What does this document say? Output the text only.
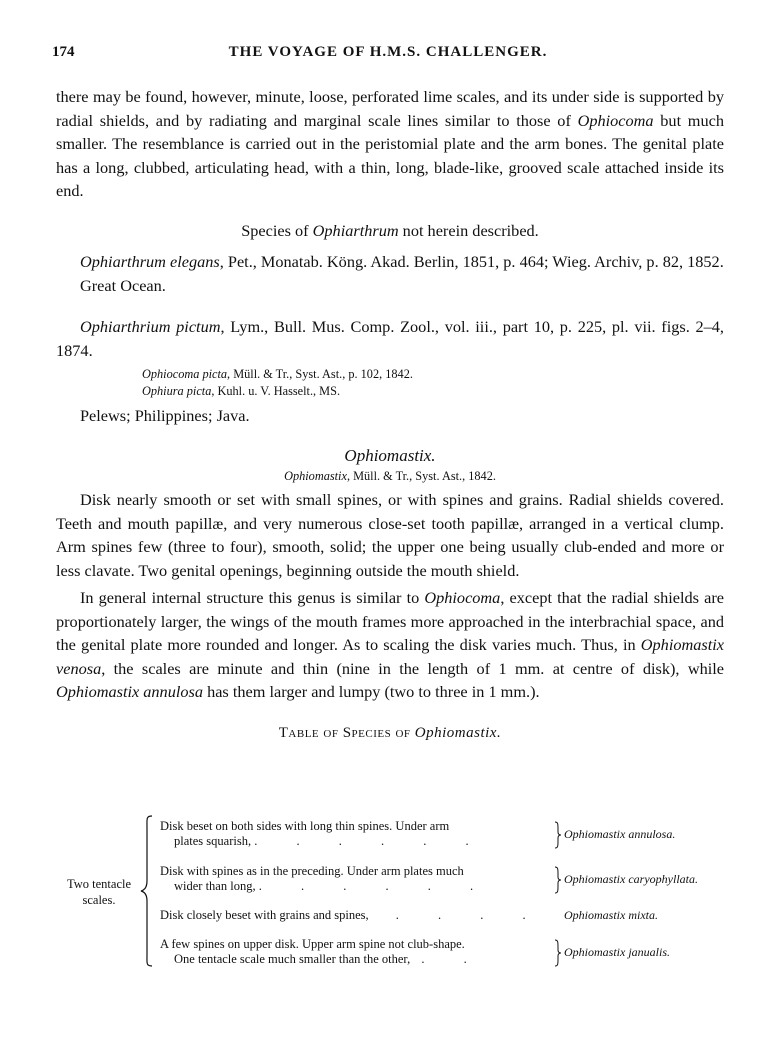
174	THE VOYAGE OF H.M.S. CHALLENGER.

there may be found, however, minute, loose, perforated lime scales, and its under side is supported by radial shields, and by radiating and marginal scale lines similar to those of Ophiocoma but much smaller. The resemblance is carried out in the peristomial plate and the arm bones. The genital plate has a long, clubbed, articulating head, with a thin, long, blade-like, grooved scale attached inside its end.

Species of Ophiarthrum not herein described.

Ophiarthrum elegans, Pet., Monatab. Köng. Akad. Berlin, 1851, p. 464; Wieg. Archiv, p. 82, 1852.

Great Ocean.

Ophiarthrium pictum, Lym., Bull. Mus. Comp. Zool., vol. iii., part 10, p. 225, pl. vii. figs. 2–4, 1874.

Ophiocoma picta, Müll. & Tr., Syst. Ast., p. 102, 1842.
Ophiura picta, Kuhl. u. V. Hasselt., MS.

Pelews; Philippines; Java.

Ophiomastix.

Ophiomastix, Müll. & Tr., Syst. Ast., 1842.

Disk nearly smooth or set with small spines, or with spines and grains. Radial shields covered. Teeth and mouth papillæ, and very numerous close-set tooth papillæ, arranged in a vertical clump. Arm spines few (three to four), smooth, solid; the upper one being usually club-ended and more or less clavate. Two genital openings, beginning outside the mouth shield.

In general internal structure this genus is similar to Ophiocoma, except that the radial shields are proportionately larger, the wings of the mouth frames more approached in the interbrachial space, and the genital plate more rounded and longer. As to scaling the disk varies much. Thus, in Ophiomastix venosa, the scales are minute and thin (nine in the length of 1 mm. at centre of disk), while Ophiomastix annulosa has them larger and lumpy (two to three in 1 mm.).

Table of Species of Ophiomastix.

Two tentacle scales.
Disk beset on both sides with long thin spines. Under arm
plates squarish, . . . . . .	Ophiomastix annulosa.
Disk with spines as in the preceding. Under arm plates much
wider than long, . . . . . .	Ophiomastix caryophyllata.
Disk closely beset with grains and spines, . . . .	Ophiomastix mixta.
A few spines on upper disk. Upper arm spine not club-shape.
One tentacle scale much smaller than the other, . .	Ophiomastix janualis.
